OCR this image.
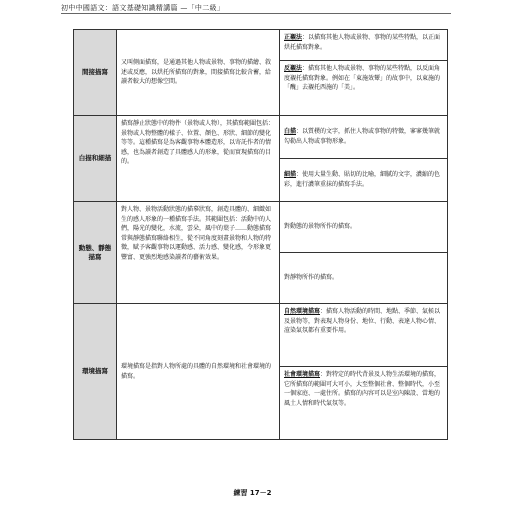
初中中國語文：語文基礎知識精講篇 —「中二級」
間接描寫	又叫側面描寫，是通過其他人物或景物、事物的描繪、敘述或反應，以烘托所描寫的對象，間接描寫比較含蓄，給讀者較大的想像空間。	正襯法：以描寫其他人物或景物、事物的某些特點，以正面烘托描寫對象。
		反襯法：描寫其他人物或景物、事物的某些特點，以反面角度襯托描寫對象。例如在「東施效顰」的故事中，以東施的「醜」去襯托西施的「美」。
白描和細描	描寫靜止狀態中的物件（景物或人物），其描寫範圍包括：景物或人物整體的樣子、位置、顏色、形狀、細節的變化等等。這種描寫是為客觀事物本體造形，以寄託作者的情感，也為讀者創造了具體感人的形象，從而實現描寫的目的。	白描：以質樸的文字，抓住人物或事物的特徵，寥寥幾筆就勾勒出人物或事物形象。
		細描：使用大量生動、貼切的比喻，細膩的文字，濃縮的色彩，進行濃筆重抹的描寫手法。
動態、靜態
描寫	對人物、景物活動狀態的描摹狀寫，創造具體的、細緻如生的感人形象的一種描寫手法。其範圍包括：活動中的人們，陽光的變化，水流，雲朵，風中的葉子……動態描寫常與靜態描寫聯絡相生，從不同角度刻畫景物和人物的特徵，賦予客觀事物以運動感、活力感、變化感，令形象更豐富、更強烈地感染讀者的藝術效果。	對動態的景物所作的描寫。
		對靜物所作的描寫。
環境描寫	環境描寫是指對人物所處的具體的自然環境和社會環境的描寫。	自然環境描寫：描寫人物活動的時間、地點、季節、氣候以及景物等，對表現人物身份、地位、行動、表達人物心情、渲染氣氛都有重要作用。
		社會環境描寫：對特定的時代背景及人物生活環境的描寫，它所描寫的範圍可大可小，大至整個社會、整個時代，小至一個家庭、一處住所。描寫的內容可以是室內陳設、當地的風土人情和時代氣氛等。
練習 17－2
